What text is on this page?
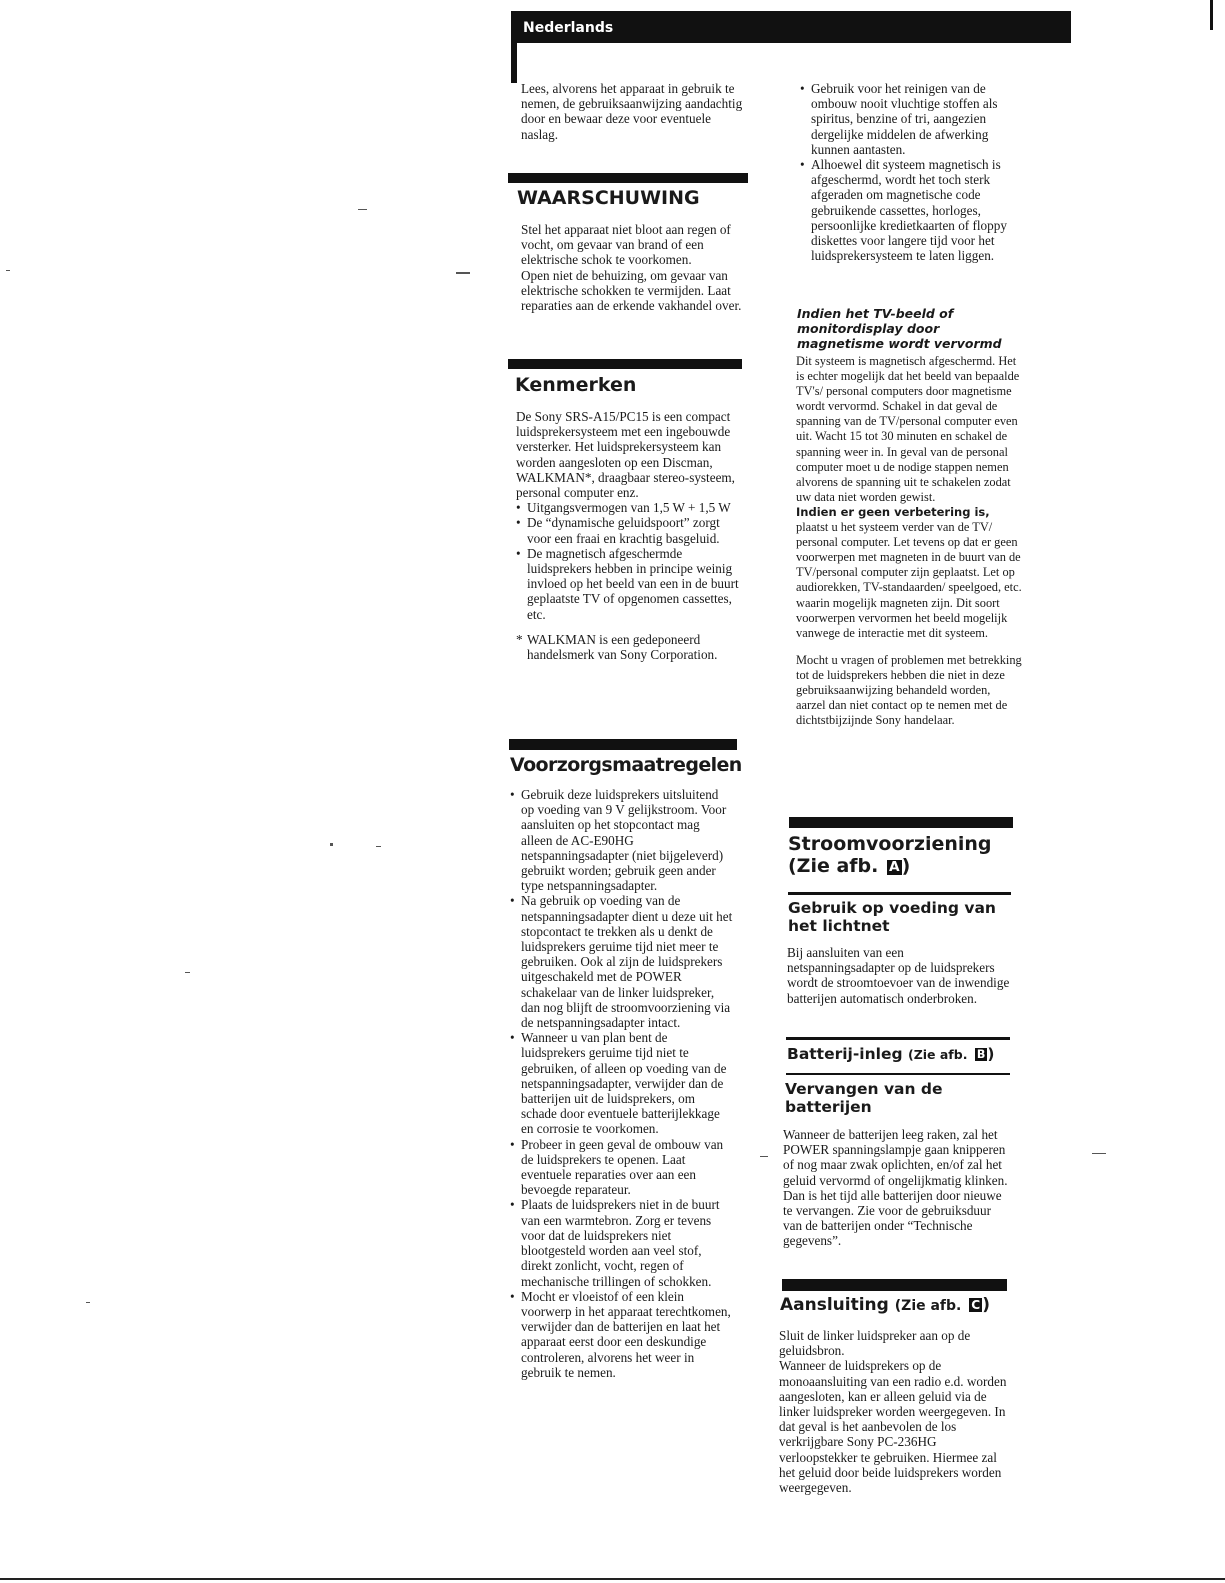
Nederlands

Lees, alvorens het apparaat in gebruik te nemen, de gebruiksaanwijzing aandachtig door en bewaar deze voor eventuele naslag.

WAARSCHUWING

Stel het apparaat niet bloot aan regen of vocht, om gevaar van brand of een elektrische schok te voorkomen.

Open niet de behuizing, om gevaar van elektrische schokken te vermijden. Laat reparaties aan de erkende vakhandel over.

Kenmerken

De Sony SRS-A15/PC15 is een compact luidsprekersysteem met een ingebouwde versterker. Het luidsprekersysteem kan worden aangesloten op een Discman, WALKMAN*, draagbaar stereo-systeem, personal computer enz.

• Uitgangsvermogen van 1,5 W + 1,5 W
• De “dynamische geluidspoort” zorgt voor een fraai en krachtig basgeluid.
• De magnetisch afgeschermde luidsprekers hebben in principe weinig invloed op het beeld van een in de buurt geplaatste TV of opgenomen cassettes, etc.
* WALKMAN is een gedeponeerd handelsmerk van Sony Corporation.
Voorzorgsmaatregelen
• Gebruik deze luidsprekers uitsluitend op voeding van 9 V gelijkstroom. Voor aansluiten op het stopcontact mag alleen de AC-E90HG netspanningsadapter (niet bijgeleverd) gebruikt worden; gebruik geen ander type netspanningsadapter.
• Na gebruik op voeding van de netspanningsadapter dient u deze uit het stopcontact te trekken als u denkt de luidsprekers geruime tijd niet meer te gebruiken. Ook al zijn de luidsprekers uitgeschakeld met de POWER schakelaar van de linker luidspreker, dan nog blijft de stroomvoorziening via de netspanningsadapter intact.
• Wanneer u van plan bent de luidsprekers geruime tijd niet te gebruiken, of alleen op voeding van de netspanningsadapter, verwijder dan de batterijen uit de luidsprekers, om schade door eventuele batterijlekkage en corrosie te voorkomen.
• Probeer in geen geval de ombouw van de luidsprekers te openen. Laat eventuele reparaties over aan een bevoegde reparateur.
• Plaats de luidsprekers niet in de buurt van een warmtebron. Zorg er tevens voor dat de luidsprekers niet blootgesteld worden aan veel stof, direkt zonlicht, vocht, regen of mechanische trillingen of schokken.
• Mocht er vloeistof of een klein voorwerp in het apparaat terechtkomen, verwijder dan de batterijen en laat het apparaat eerst door een deskundige controleren, alvorens het weer in gebruik te nemen.
• Gebruik voor het reinigen van de ombouw nooit vluchtige stoffen als spiritus, benzine of tri, aangezien dergelijke middelen de afwerking kunnen aantasten.
• Alhoewel dit systeem magnetisch is afgeschermd, wordt het toch sterk afgeraden om magnetische code gebruikende cassettes, horloges, persoonlijke kredietkaarten of floppy diskettes voor langere tijd voor het luidsprekersysteem te laten liggen.
Indien het TV-beeld of monitordisplay door magnetisme wordt vervormd

Dit systeem is magnetisch afgeschermd. Het is echter mogelijk dat het beeld van bepaalde TV's/ personal computers door magnetisme wordt vervormd. Schakel in dat geval de spanning van de TV/personal computer even uit. Wacht 15 tot 30 minuten en schakel de spanning weer in. In geval van de personal computer moet u de nodige stappen nemen alvorens de spanning uit te schakelen zodat uw data niet worden gewist.

Indien er geen verbetering is, plaatst u het systeem verder van de TV/ personal computer. Let tevens op dat er geen voorwerpen met magneten in de buurt van de TV/personal computer zijn geplaatst. Let op audiorekken, TV-standaarden/ speelgoed, etc. waarin mogelijk magneten zijn. Dit soort voorwerpen vervormen het beeld mogelijk vanwege de interactie met dit systeem.

Mocht u vragen of problemen met betrekking tot de luidsprekers hebben die niet in deze gebruiksaanwijzing behandeld worden, aarzel dan niet contact op te nemen met de dichtstbijzijnde Sony handelaar.

Stroomvoorziening
(Zie afb. A )
Gebruik op voeding van het lichtnet

Bij aansluiten van een netspanningsadapter op de luidsprekers wordt de stroomtoevoer van de inwendige batterijen automatisch onderbroken.

Batterij-inleg (Zie afb. B )
Vervangen van de batterijen

Wanneer de batterijen leeg raken, zal het POWER spanningslampje gaan knipperen of nog maar zwak oplichten, en/of zal het geluid vervormd of ongelijkmatig klinken. Dan is het tijd alle batterijen door nieuwe te vervangen. Zie voor de gebruiksduur van de batterijen onder “Technische gegevens”.

Aansluiting (Zie afb. C )

Sluit de linker luidspreker aan op de geluidsbron.

Wanneer de luidsprekers op de monoaansluiting van een radio e.d. worden aangesloten, kan er alleen geluid via de linker luidspreker worden weergegeven. In dat geval is het aanbevolen de los verkrijgbare Sony PC-236HG verloopstekker te gebruiken. Hiermee zal het geluid door beide luidsprekers worden weergegeven.
